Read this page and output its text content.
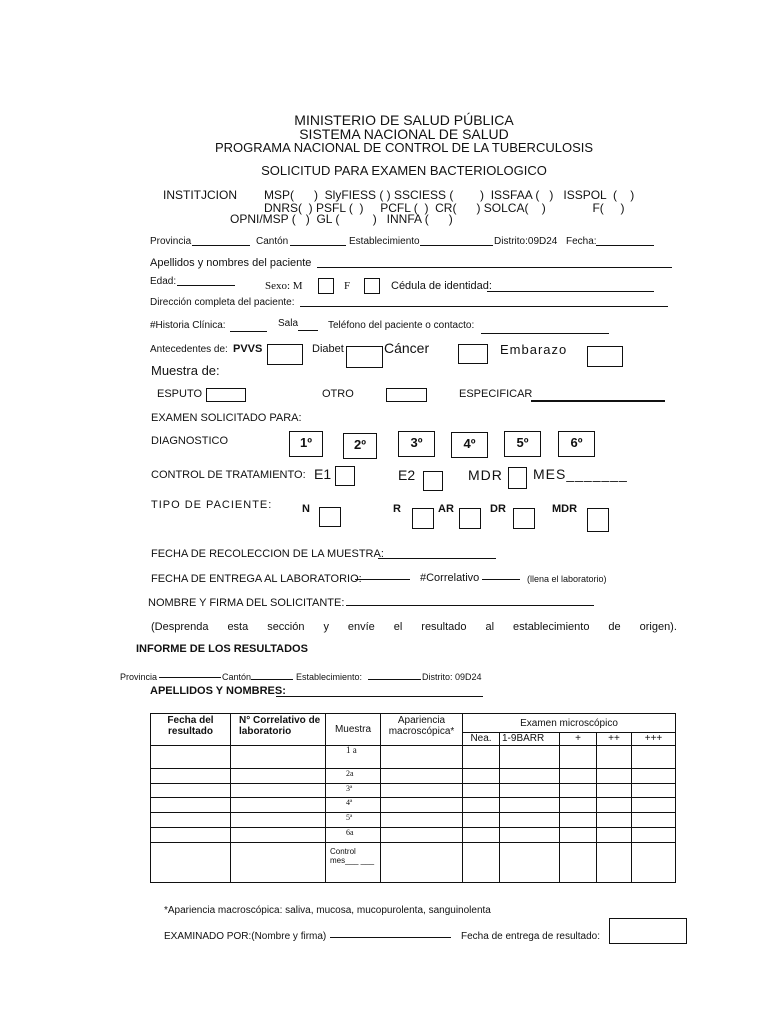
MINISTERIO DE SALUD PÚBLICA
SISTEMA NACIONAL DE SALUD
PROGRAMA NACIONAL DE CONTROL DE LA TUBERCULOSIS
SOLICITUD PARA EXAMEN BACTERIOLOGICO
INSTITJCION MSP(      )  SlyFIESS ( ) SSCIESS (        )  ISSFAA (   )   ISSPOL  (    )
DNRS(  ) PSFL (  )     PCFL (  )  CR(      ) SOLCA(    )              F(     )
OPNI/MSP (   )  GL (          )   INNFA (      )
Provincia	Cantón	Establecimiento	Distrito:09D24 Fecha:
Apellidos y nombres del paciente
Edad:	Sexo: M	F	Cédula de identidad:
Dirección completa del paciente:
#Historia Clínica:	Sala	Teléfono del paciente o contacto:
Antecedentes de: PVVS	Diabet	Cáncer	Embarazo
Muestra de:
ESPUTO	OTRO	ESPECIFICAR
EXAMEN SOLICITADO PARA:
DIAGNOSTICO	1º	2º	3º	4º	5º	6º
CONTROL DE TRATAMIENTO: E1	E2	MDR MES_______
TIPO DE PACIENTE:	N	R	AR	DR	MDR
FECHA DE RECOLECCION DE LA MUESTRA:
FECHA DE ENTREGA AL LABORATORIO:	#Correlativo	(llena el laboratorio)
NOMBRE Y FIRMA DEL SOLICITANTE:
(Desprenda esta sección y envíe el resultado al establecimiento de origen).
INFORME DE LOS RESULTADOS
Provincia	Cantón	Establecimiento:	Distrito: 09D24
APELLIDOS Y NOMBRES:
Fecha del resultado	N° Correlativo de laboratorio	Muestra	Apariencia macroscópica*	Examen microscópico				
				Nea.	1-9BARR	+	++	+++
		1 a						
		2a						
		3ª						
		4ª						
		5ª						
		6a						
		Control mes___ ___						
*Apariencia macroscópica: saliva, mucosa, mucopurolenta, sanguinolenta
EXAMINADO POR:(Nombre y firma)	Fecha de entrega de resultado:
